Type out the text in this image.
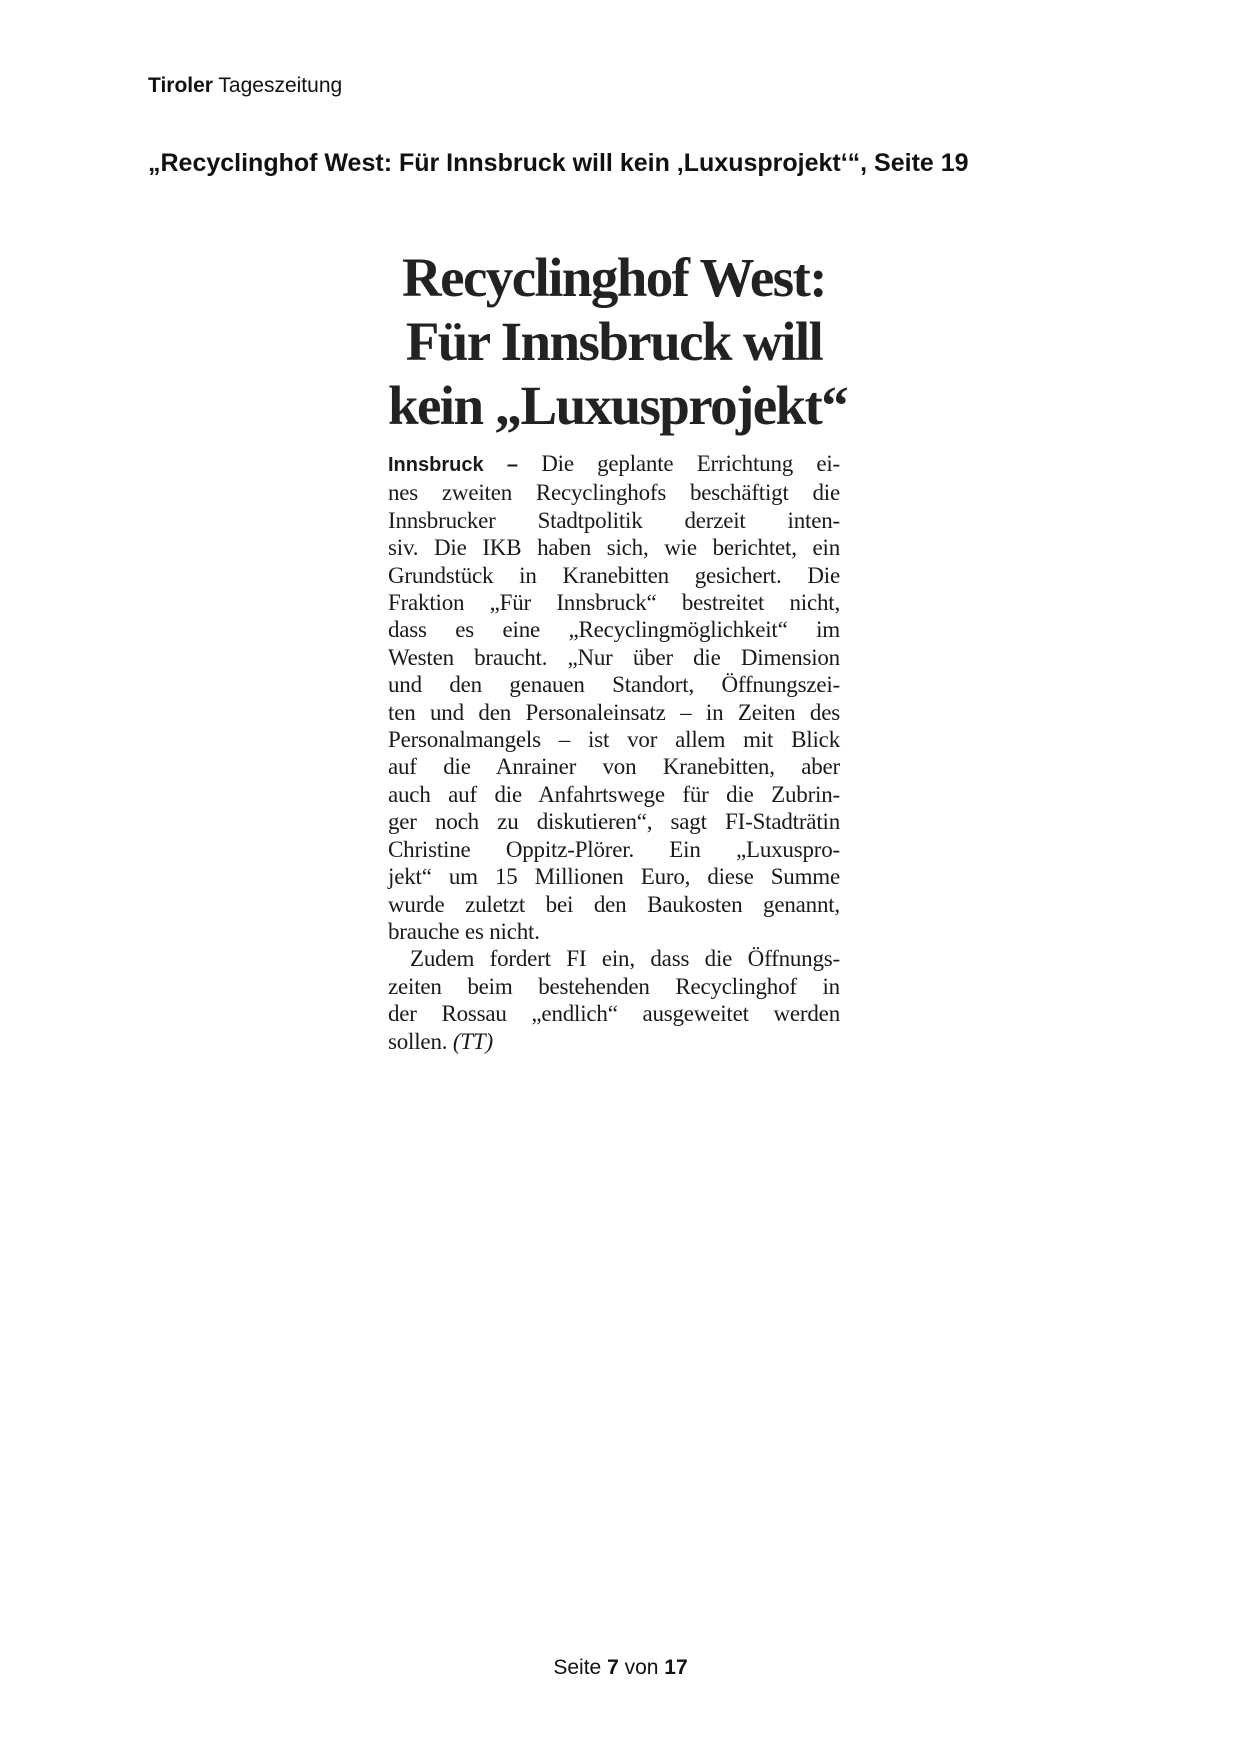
Tiroler Tageszeitung
„Recyclinghof West: Für Innsbruck will kein ‚Luxusprojekt‘“, Seite 19
Recyclinghof West:
Für Innsbruck will
kein „Luxusprojekt“
Innsbruck – Die geplante Errichtung ei-
nes zweiten Recyclinghofs beschäftigt die
Innsbrucker Stadtpolitik derzeit inten-
siv. Die IKB haben sich, wie berichtet, ein
Grundstück in Kranebitten gesichert. Die
Fraktion „Für Innsbruck“ bestreitet nicht,
dass es eine „Recyclingmöglichkeit“ im
Westen braucht. „Nur über die Dimension
und den genauen Standort, Öffnungszei-
ten und den Personaleinsatz – in Zeiten des
Personalmangels – ist vor allem mit Blick
auf die Anrainer von Kranebitten, aber
auch auf die Anfahrtswege für die Zubrin-
ger noch zu diskutieren“, sagt FI-Stadträtin
Christine Oppitz-Plörer. Ein „Luxuspro-
jekt“ um 15 Millionen Euro, diese Summe
wurde zuletzt bei den Baukosten genannt,
brauche es nicht.
Zudem fordert FI ein, dass die Öffnungs-
zeiten beim bestehenden Recyclinghof in
der Rossau „endlich“ ausgeweitet werden
sollen. (TT)
Seite 7 von 17
